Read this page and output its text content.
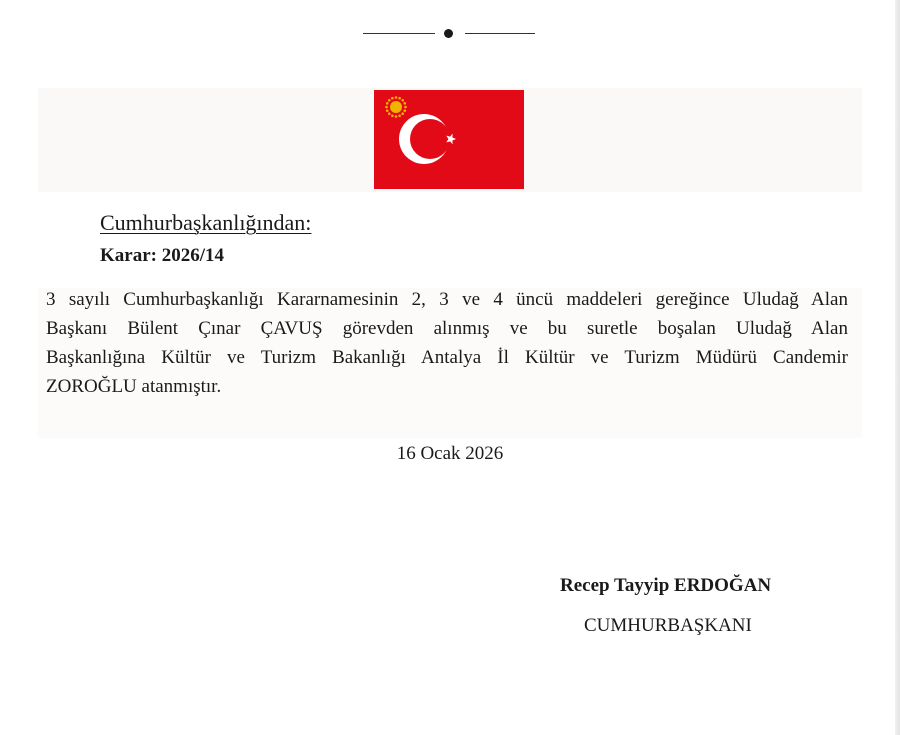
Cumhurbaşkanlığından:
Karar: 2026/14
3 sayılı Cumhurbaşkanlığı Kararnamesinin 2, 3 ve 4 üncü maddeleri gereğince Uludağ Alan
Başkanı Bülent Çınar ÇAVUŞ görevden alınmış ve bu suretle boşalan Uludağ Alan
Başkanlığına Kültür ve Turizm Bakanlığı Antalya İl Kültür ve Turizm Müdürü Candemir
ZOROĞLU atanmıştır.
16 Ocak 2026
Recep Tayyip ERDOĞAN
CUMHURBAŞKANI
